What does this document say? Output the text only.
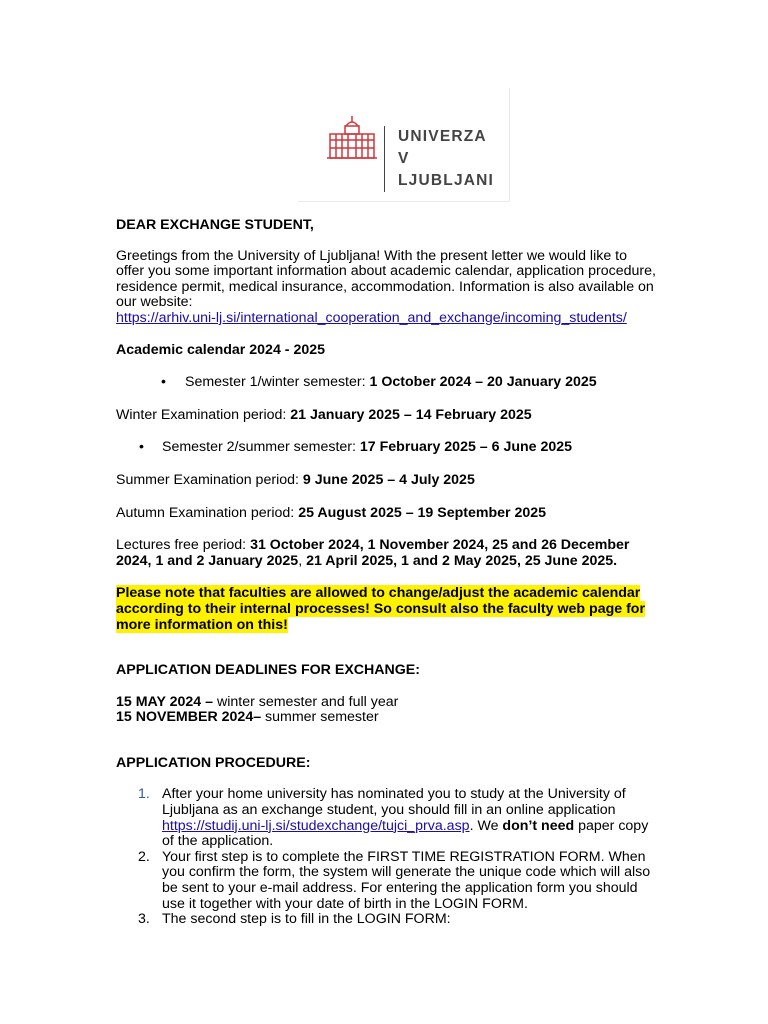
UNIVERZA
V LJUBLJANI

DEAR EXCHANGE STUDENT,

Greetings from the University of Ljubljana! With the present letter we would like to offer you some important information about academic calendar, application procedure, residence permit, medical insurance, accommodation. Information is also available on our website:
https://arhiv.uni-lj.si/international_cooperation_and_exchange/incoming_students/

Academic calendar 2024 - 2025

• Semester 1/winter semester: 1 October 2024 – 20 January 2025

Winter Examination period: 21 January 2025 – 14 February 2025

• Semester 2/summer semester: 17 February 2025 – 6 June 2025

Summer Examination period: 9 June 2025 – 4 July 2025

Autumn Examination period: 25 August 2025 – 19 September 2025

Lectures free period: 31 October 2024, 1 November 2024, 25 and 26 December 2024, 1 and 2 January 2025, 21 April 2025, 1 and 2 May 2025, 25 June 2025.

Please note that faculties are allowed to change/adjust the academic calendar according to their internal processes! So consult also the faculty web page for more information on this!

APPLICATION DEADLINES FOR EXCHANGE:

15 MAY 2024 – winter semester and full year
15 NOVEMBER 2024– summer semester

APPLICATION PROCEDURE:

1. After your home university has nominated you to study at the University of Ljubljana as an exchange student, you should fill in an online application https://studij.uni-lj.si/studexchange/tujci_prva.asp. We don’t need paper copy of the application.
2. Your first step is to complete the FIRST TIME REGISTRATION FORM. When you confirm the form, the system will generate the unique code which will also be sent to your e-mail address. For entering the application form you should use it together with your date of birth in the LOGIN FORM.
3. The second step is to fill in the LOGIN FORM:
